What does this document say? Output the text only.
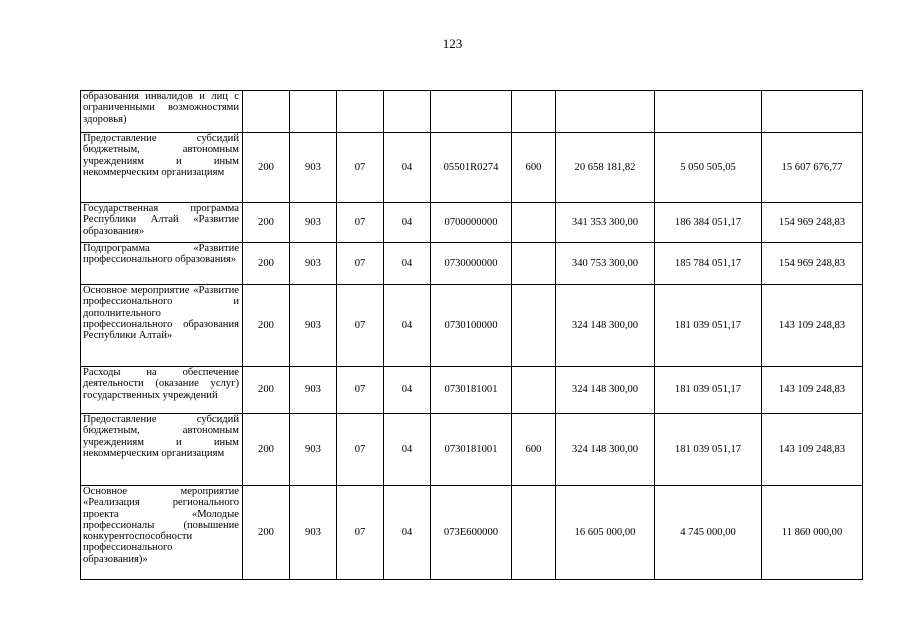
123
образования инвалидов и лиц с ограниченными возможностями здоровья)									
Предоставление субсидий бюджетным, автономным учреждениям и иным некоммерческим организациям	200	903	07	04	05501R0274	600	20 658 181,82	5 050 505,05	15 607 676,77
Государственная программа Республики Алтай «Развитие образования»	200	903	07	04	0700000000		341 353 300,00	186 384 051,17	154 969 248,83
Подпрограмма «Развитие профессионального образования»	200	903	07	04	0730000000		340 753 300,00	185 784 051,17	154 969 248,83
Основное мероприятие «Развитие профессионального и дополнительного профессионального образования Республики Алтай»	200	903	07	04	0730100000		324 148 300,00	181 039 051,17	143 109 248,83
Расходы на обеспечение деятельности (оказание услуг) государственных учреждений	200	903	07	04	0730181001		324 148 300,00	181 039 051,17	143 109 248,83
Предоставление субсидий бюджетным, автономным учреждениям и иным некоммерческим организациям	200	903	07	04	0730181001	600	324 148 300,00	181 039 051,17	143 109 248,83
Основное мероприятие «Реализация регионального проекта «Молодые профессионалы (повышение конкурентоспособности профессионального образования)»	200	903	07	04	073E600000		16 605 000,00	4 745 000,00	11 860 000,00
